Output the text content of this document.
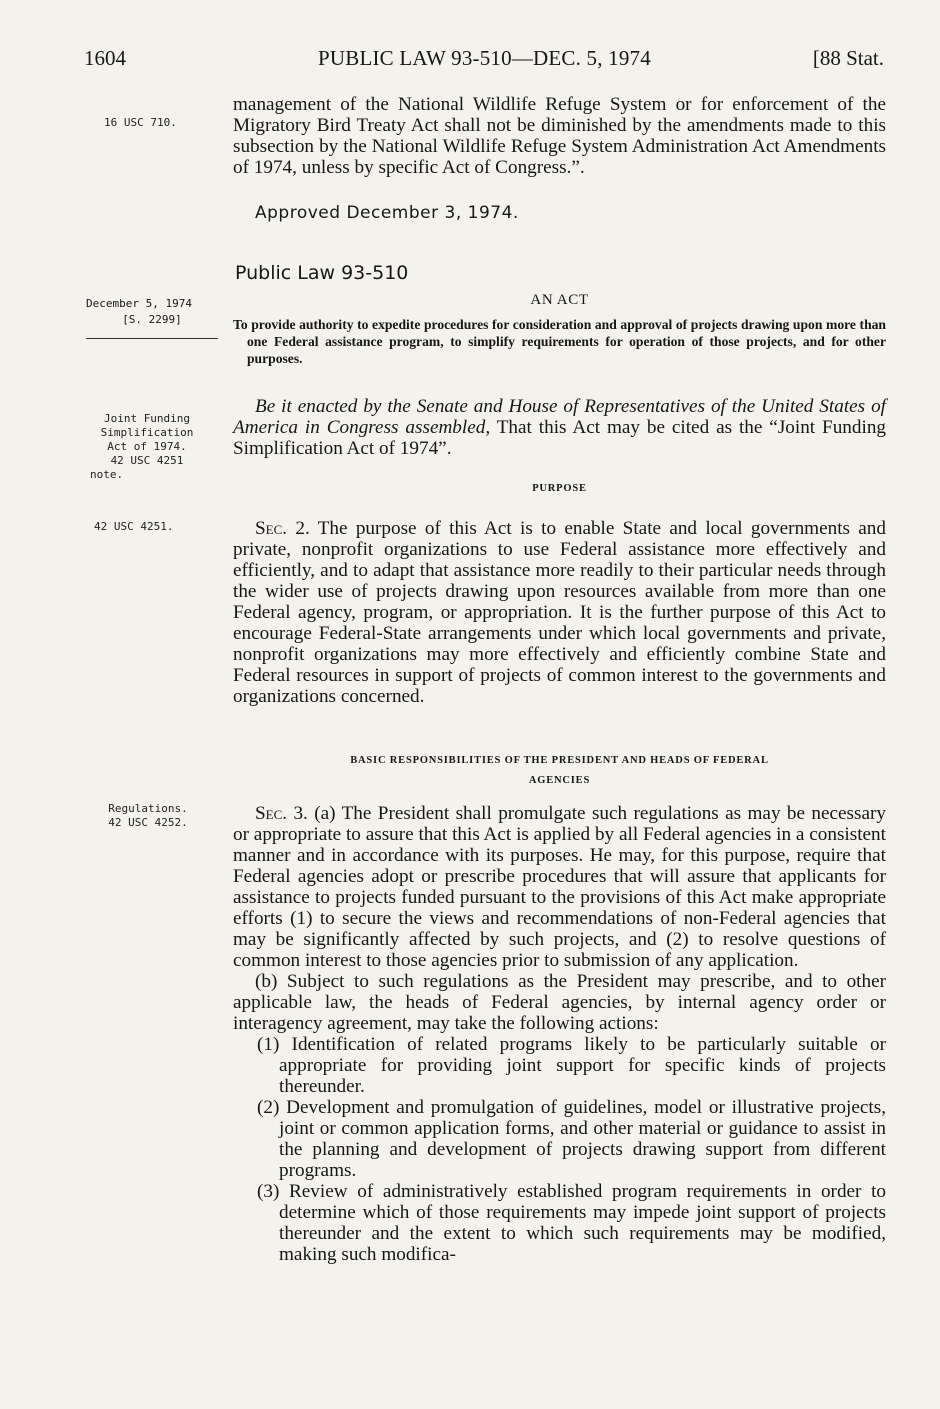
1604	PUBLIC LAW 93-510—DEC. 5, 1974	[88 Stat.
16 USC 710.
December 5, 1974
[S. 2299]
Joint Funding
Simplification
Act of 1974.
42 USC 4251
note.
42 USC 4251.
Regulations.
42 USC 4252.
management of the National Wildlife Refuge System or for enforcement of the Migratory Bird Treaty Act shall not be diminished by the amendments made to this subsection by the National Wildlife Refuge System Administration Act Amendments of 1974, unless by specific Act of Congress.”.
Approved December 3, 1974.
Public Law 93-510
AN ACT
To provide authority to expedite procedures for consideration and approval of projects drawing upon more than one Federal assistance program, to simplify requirements for operation of those projects, and for other purposes.
Be it enacted by the Senate and House of Representatives of the United States of America in Congress assembled, That this Act may be cited as the “Joint Funding Simplification Act of 1974”.
PURPOSE
Sec. 2. The purpose of this Act is to enable State and local governments and private, nonprofit organizations to use Federal assistance more effectively and efficiently, and to adapt that assistance more readily to their particular needs through the wider use of projects drawing upon resources available from more than one Federal agency, program, or appropriation. It is the further purpose of this Act to encourage Federal-State arrangements under which local governments and private, nonprofit organizations may more effectively and efficiently combine State and Federal resources in support of projects of common interest to the governments and organizations concerned.
BASIC RESPONSIBILITIES OF THE PRESIDENT AND HEADS OF FEDERAL
AGENCIES
Sec. 3. (a) The President shall promulgate such regulations as may be necessary or appropriate to assure that this Act is applied by all Federal agencies in a consistent manner and in accordance with its purposes. He may, for this purpose, require that Federal agencies adopt or prescribe procedures that will assure that applicants for assistance to projects funded pursuant to the provisions of this Act make appropriate efforts (1) to secure the views and recommendations of non-Federal agencies that may be significantly affected by such projects, and (2) to resolve questions of common interest to those agencies prior to submission of any application.
(b) Subject to such regulations as the President may prescribe, and to other applicable law, the heads of Federal agencies, by internal agency order or interagency agreement, may take the following actions:
(1) Identification of related programs likely to be particularly suitable or appropriate for providing joint support for specific kinds of projects thereunder.
(2) Development and promulgation of guidelines, model or illustrative projects, joint or common application forms, and other material or guidance to assist in the planning and development of projects drawing support from different programs.
(3) Review of administratively established program requirements in order to determine which of those requirements may impede joint support of projects thereunder and the extent to which such requirements may be modified, making such modifica-
